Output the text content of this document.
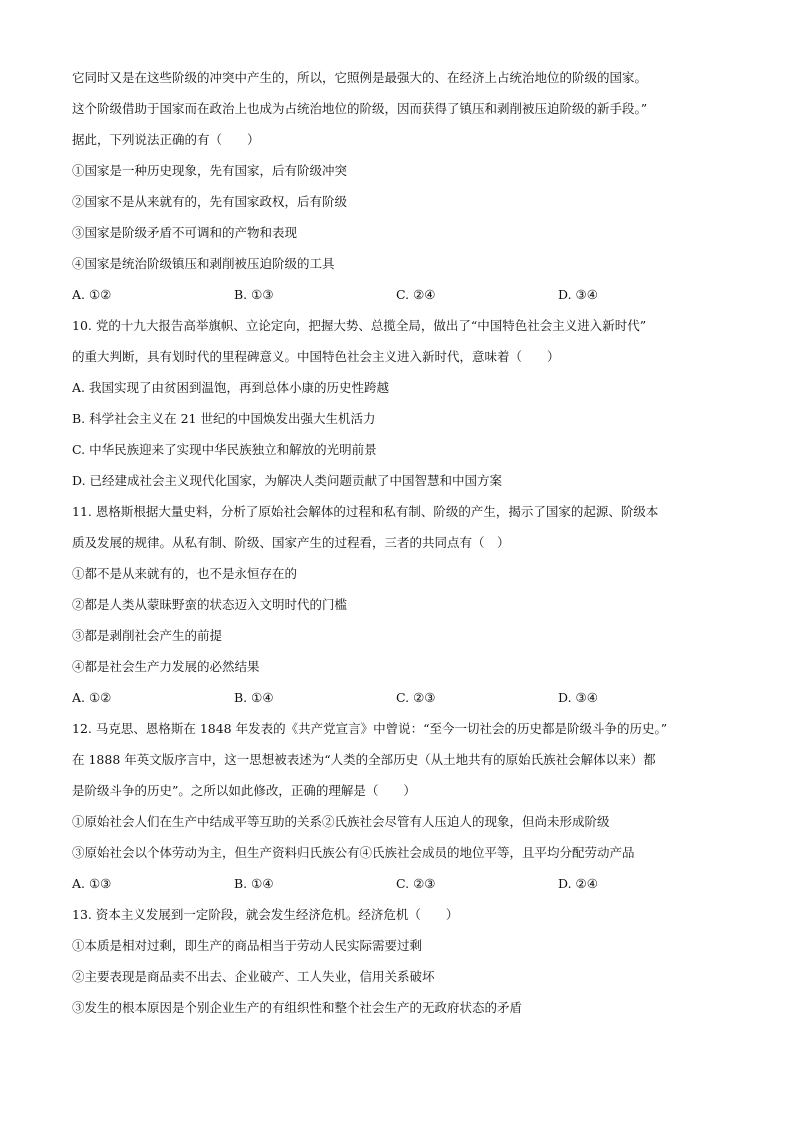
它同时又是在这些阶级的冲突中产生的，所以，它照例是最强大的、在经济上占统治地位的阶级的国家。
这个阶级借助于国家而在政治上也成为占统治地位的阶级，因而获得了镇压和剥削被压迫阶级的新手段。”
据此，下列说法正确的有（　　）
①国家是一种历史现象，先有国家，后有阶级冲突
②国家不是从来就有的，先有国家政权，后有阶级
③国家是阶级矛盾不可调和的产物和表现
④国家是统治阶级镇压和剥削被压迫阶级的工具
A. ①②	B. ①③	C. ②④	D. ③④
10. 党的十九大报告高举旗帜、立论定向，把握大势、总揽全局，做出了“中国特色社会主义进入新时代”
的重大判断，具有划时代的里程碑意义。中国特色社会主义进入新时代，意味着（　　）
A. 我国实现了由贫困到温饱，再到总体小康的历史性跨越
B. 科学社会主义在 21 世纪的中国焕发出强大生机活力
C. 中华民族迎来了实现中华民族独立和解放的光明前景
D. 已经建成社会主义现代化国家，为解决人类问题贡献了中国智慧和中国方案
11. 恩格斯根据大量史料，分析了原始社会解体的过程和私有制、阶级的产生，揭示了国家的起源、阶级本
质及发展的规律。从私有制、阶级、国家产生的过程看，三者的共同点有（　）
①都不是从来就有的，也不是永恒存在的
②都是人类从蒙昧野蛮的状态迈入文明时代的门槛
③都是剥削社会产生的前提
④都是社会生产力发展的必然结果
A. ①②	B. ①④	C. ②③	D. ③④
12. 马克思、恩格斯在 1848 年发表的《共产党宣言》中曾说：“至今一切社会的历史都是阶级斗争的历史。”
在 1888 年英文版序言中，这一思想被表述为“人类的全部历史（从土地共有的原始氏族社会解体以来）都
是阶级斗争的历史”。之所以如此修改，正确的理解是（　　）
①原始社会人们在生产中结成平等互助的关系②氏族社会尽管有人压迫人的现象，但尚未形成阶级
③原始社会以个体劳动为主，但生产资料归氏族公有④氏族社会成员的地位平等，且平均分配劳动产品
A. ①③	B. ①④	C. ②③	D. ②④
13. 资本主义发展到一定阶段，就会发生经济危机。经济危机（　　）
①本质是相对过剩，即生产的商品相当于劳动人民实际需要过剩
②主要表现是商品卖不出去、企业破产、工人失业，信用关系破坏
③发生的根本原因是个别企业生产的有组织性和整个社会生产的无政府状态的矛盾
